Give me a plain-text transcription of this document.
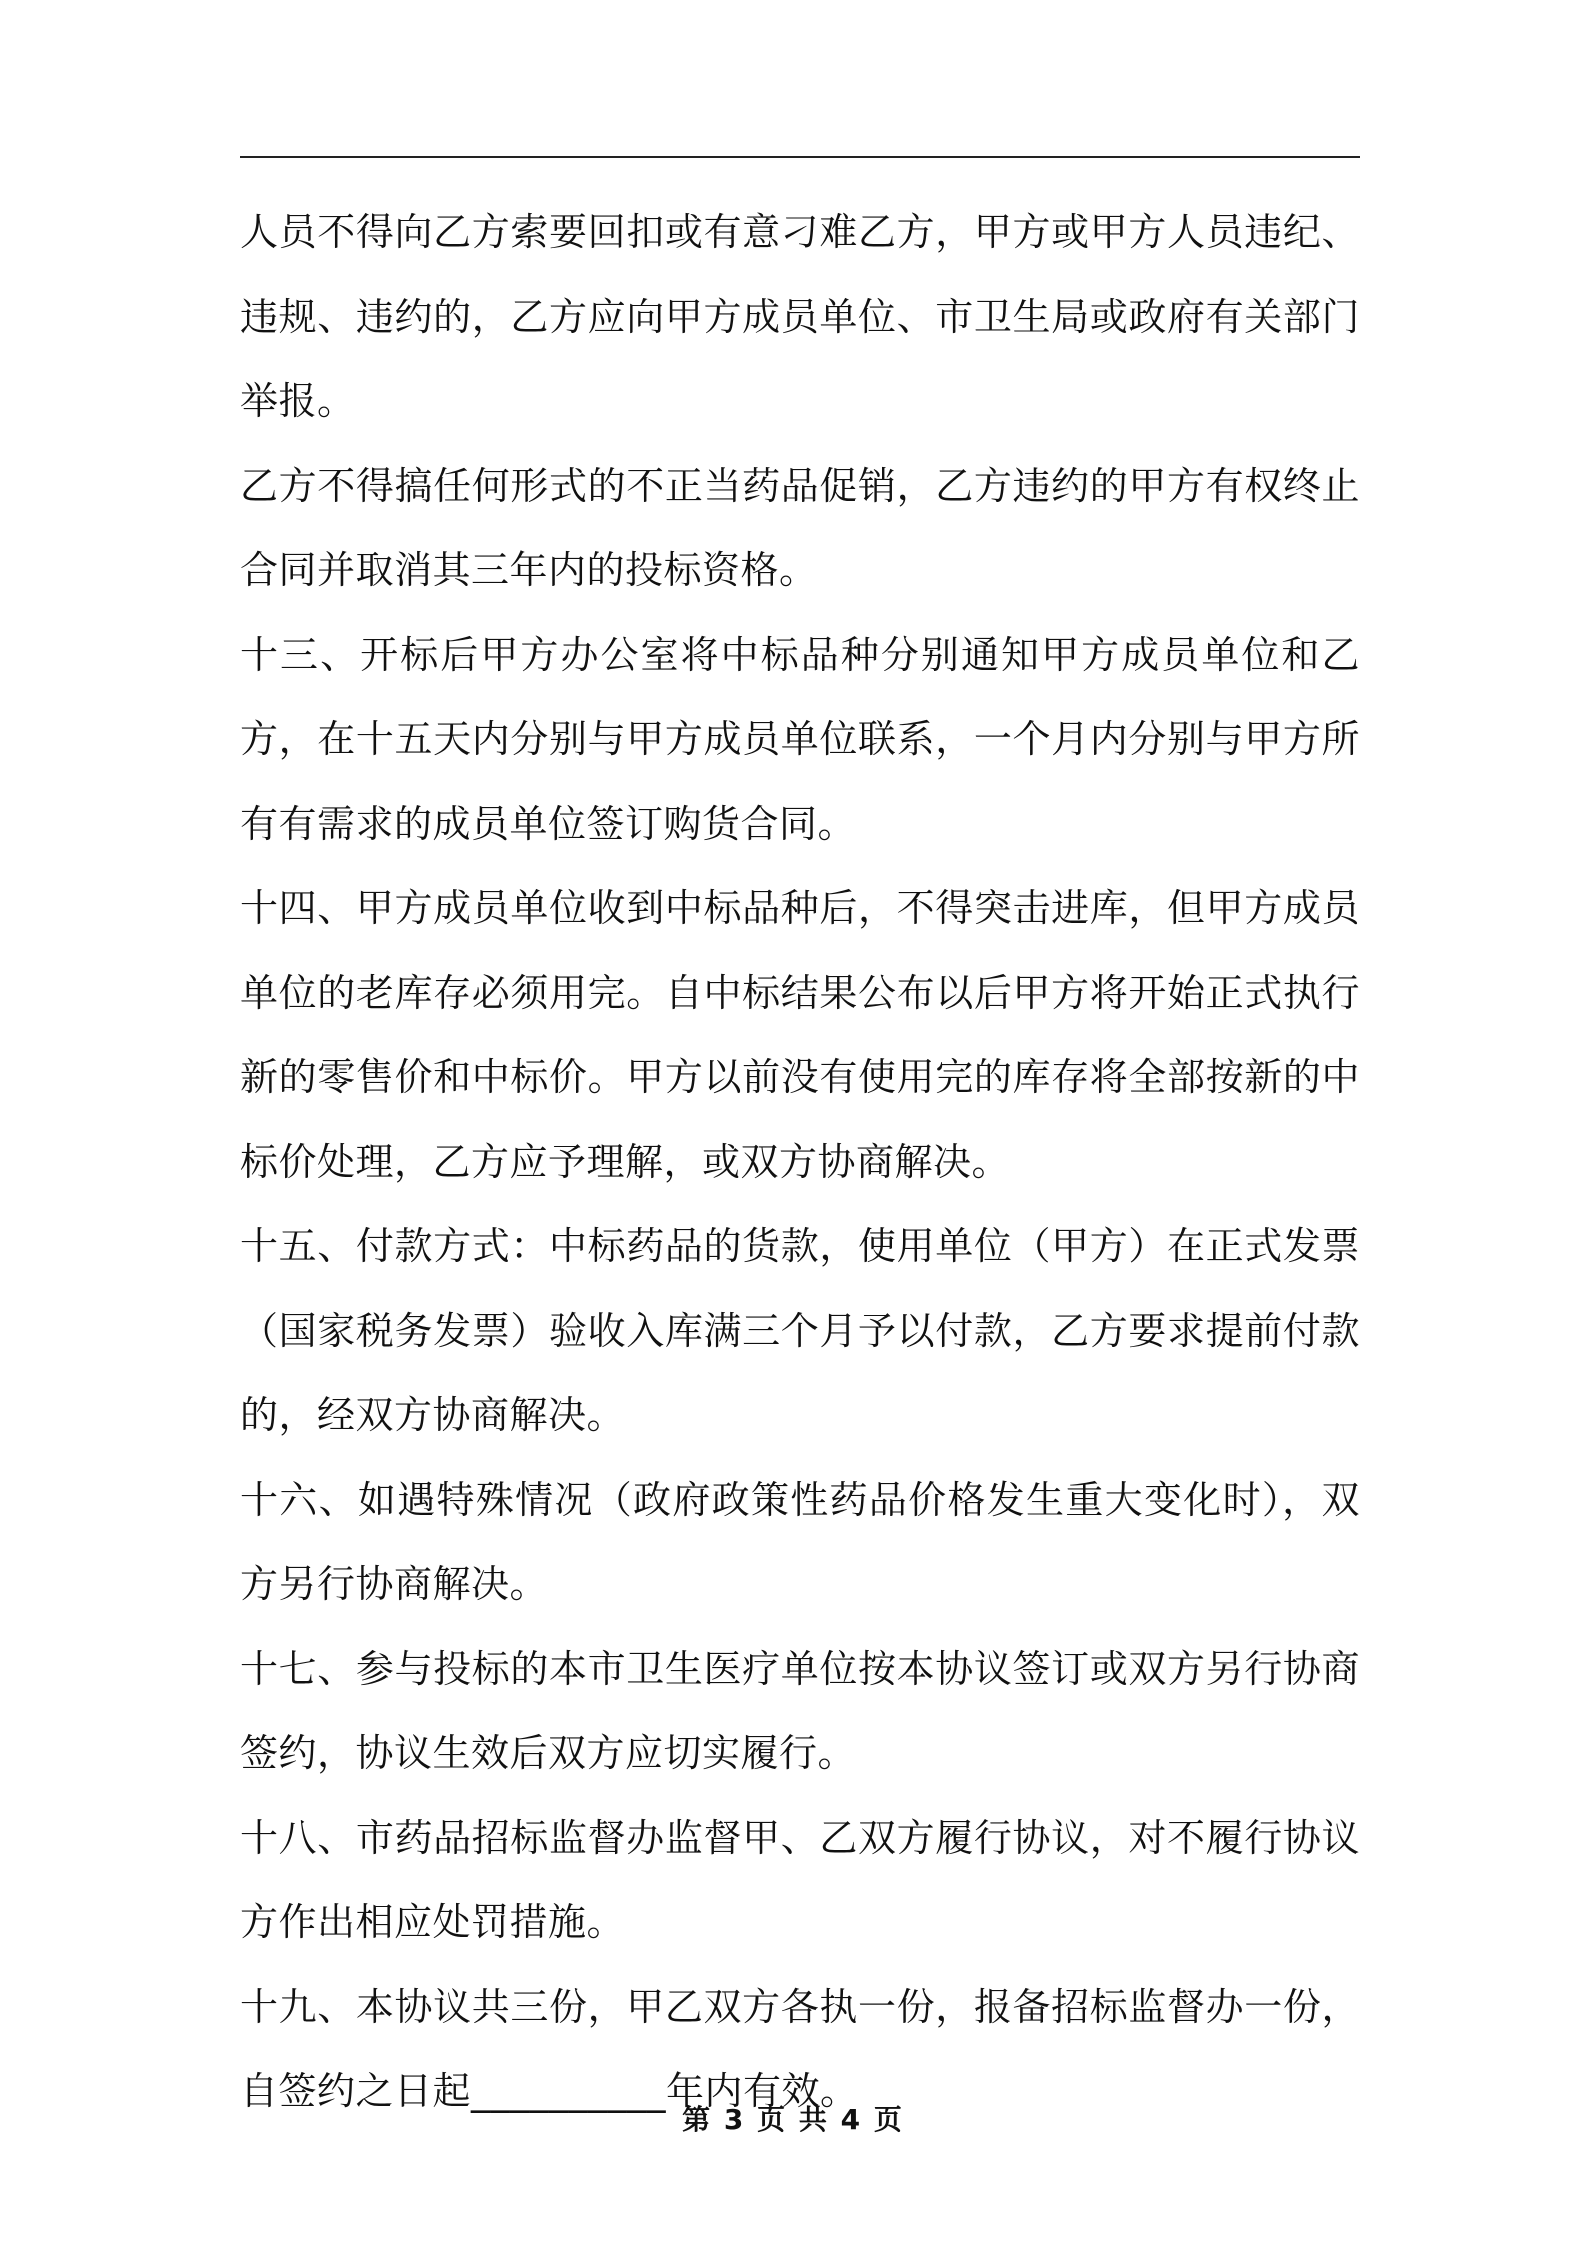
人员不得向乙方索要回扣或有意刁难乙方，甲方或甲方人员违纪、违规、违约的，乙方应向甲方成员单位、市卫生局或政府有关部门举报。

乙方不得搞任何形式的不正当药品促销，乙方违约的甲方有权终止合同并取消其三年内的投标资格。

十三、开标后甲方办公室将中标品种分别通知甲方成员单位和乙方，在十五天内分别与甲方成员单位联系，一个月内分别与甲方所有有需求的成员单位签订购货合同。

十四、甲方成员单位收到中标品种后，不得突击进库，但甲方成员单位的老库存必须用完。自中标结果公布以后甲方将开始正式执行新的零售价和中标价。甲方以前没有使用完的库存将全部按新的中标价处理，乙方应予理解，或双方协商解决。

十五、付款方式：中标药品的货款，使用单位（甲方）在正式发票（国家税务发票）验收入库满三个月予以付款，乙方要求提前付款的，经双方协商解决。

十六、如遇特殊情况（政府政策性药品价格发生重大变化时），双方另行协商解决。

十七、参与投标的本市卫生医疗单位按本协议签订或双方另行协商签约，协议生效后双方应切实履行。

十八、市药品招标监督办监督甲、乙双方履行协议，对不履行协议方作出相应处罚措施。

十九、本协议共三份，甲乙双方各执一份，报备招标监督办一份，自签约之日起__________年内有效。

第 3 页 共 4 页
